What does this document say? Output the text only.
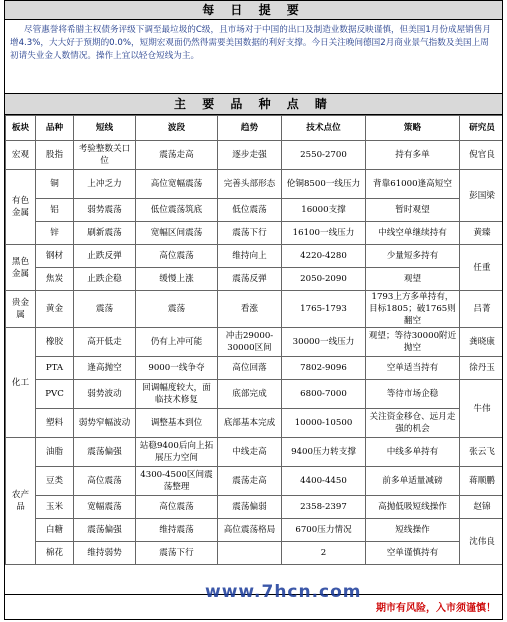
每 日 提 要
尽管惠誉将希腊主权债务评级下调至最垃圾的C级，且市场对于中国的出口及制造业数据反映谨慎，但美国1月份成屋销售月增4.3%，大大好于预期的0.0%，短期宏观面仍然得需要美国数据的利好支撑。今日关注晚间德国2月商业景气指数及美国上周初请失业金人数情况。操作上宜以轻仓短线为主。
主 要 品 种 点 睛
板块	品种	短线	波段	趋势	技术点位	策略	研究员
宏观	股指	考验整数关口位	震荡走高	逐步走强	2550-2700	持有多单	倪官良
有色金属	铜	上冲乏力	高位宽幅震荡	完善头部形态	伦铜8500一线压力	背靠61000逢高短空	彭国梁
	铝	弱势震荡	低位震荡筑底	低位震荡	16000支撑	暂时观望	
	锌	刷新震荡	宽幅区间震荡	震荡下行	16100一线压力	中线空单继续持有	黄臻
黑色金属	钢材	止跌反弹	高位震荡	维持向上	4220-4280	少量短多持有	任重
	焦炭	止跌企稳	缓慢上涨	震荡反弹	2050-2090	观望	
贵金属	黄金	震荡	震荡	看涨	1765-1793	1793上方多单持有，目标1805；破1765则翻空	吕菁
化工	橡胶	高开低走	仍有上冲可能	冲击29000-30000区间	30000一线压力	观望；等待30000附近抛空	龚晓康
	PTA	逢高抛空	9000一线争夺	高位回落	7802-9096	空单适当持有	徐丹玉
	PVC	弱势波动	回调幅度较大，面临技术修复	底部完成	6800-7000	等待市场企稳	牛伟
	塑料	弱势窄幅波动	调整基本到位	底部基本完成	10000-10500	关注资金移仓、远月走强的机会	
农产品	油脂	震荡偏强	站稳9400后向上拓展压力空间	中线走高	9400压力转支撑	中线多单持有	张云飞
	豆类	高位震荡	4300-4500区间震荡整理	震荡走高	4400-4450	前多单适量减磅	蒋顺鹏
	玉米	宽幅震荡	高位震荡	震荡偏弱	2358-2397	高抛低吸短线操作	赵锦
	白糖	震荡偏强	维持震荡	高位震荡格局	6700压力情况	短线操作	沈伟良
	棉花	维持弱势	震荡下行		2	空单谨慎持有	
期市有风险，入市须谨慎！
www.7hcn.com
